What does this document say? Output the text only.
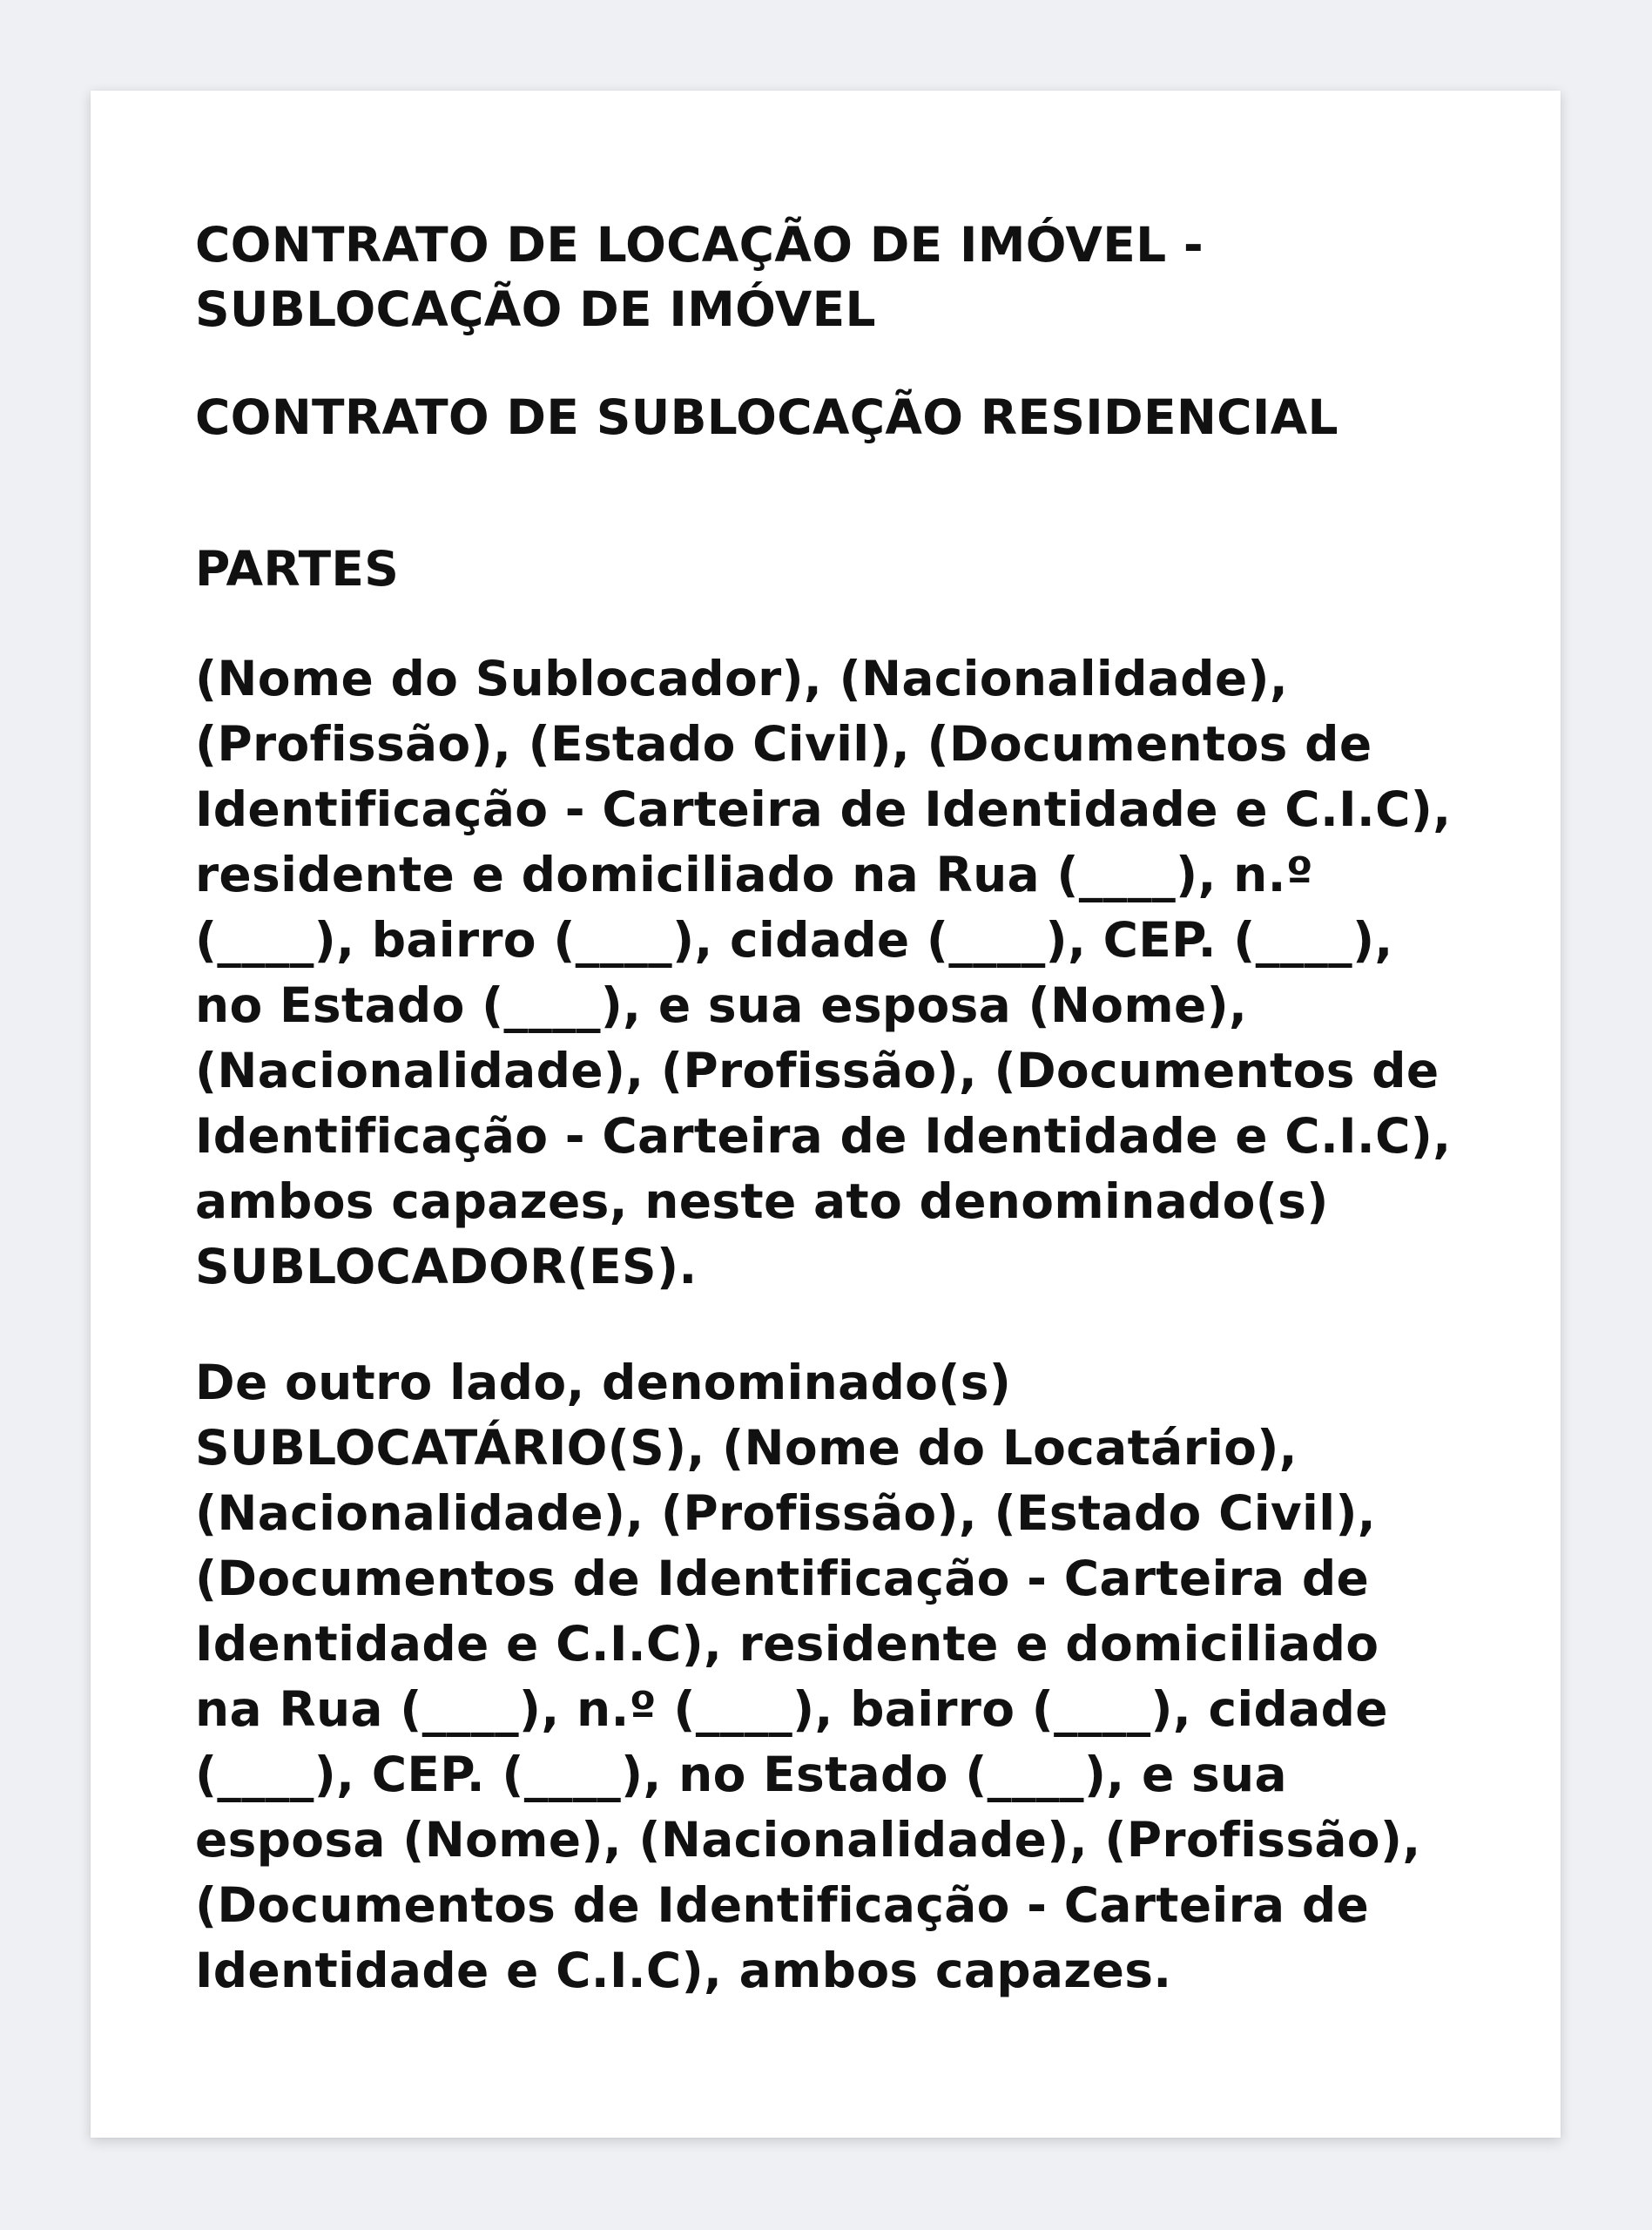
CONTRATO DE LOCAÇÃO DE IMÓVEL - SUBLOCAÇÃO DE IMÓVEL
CONTRATO DE SUBLOCAÇÃO RESIDENCIAL
PARTES

(Nome do Sublocador), (Nacionalidade), (Profissão), (Estado Civil), (Documentos de Identificação - Carteira de Identidade e C.I.C), residente e domiciliado na Rua (____), n.º (____), bairro (____), cidade (____), CEP. (____), no Estado (____), e sua esposa (Nome), (Nacionalidade), (Profissão), (Documentos de Identificação - Carteira de Identidade e C.I.C), ambos capazes, neste ato denominado(s) SUBLOCADOR(ES).

De outro lado, denominado(s) SUBLOCATÁRIO(S), (Nome do Locatário), (Nacionalidade), (Profissão), (Estado Civil), (Documentos de Identificação - Carteira de Identidade e C.I.C), residente e domiciliado na Rua (____), n.º (____), bairro (____), cidade (____), CEP. (____), no Estado (____), e sua esposa (Nome), (Nacionalidade), (Profissão), (Documentos de Identificação - Carteira de Identidade e C.I.C), ambos capazes.
